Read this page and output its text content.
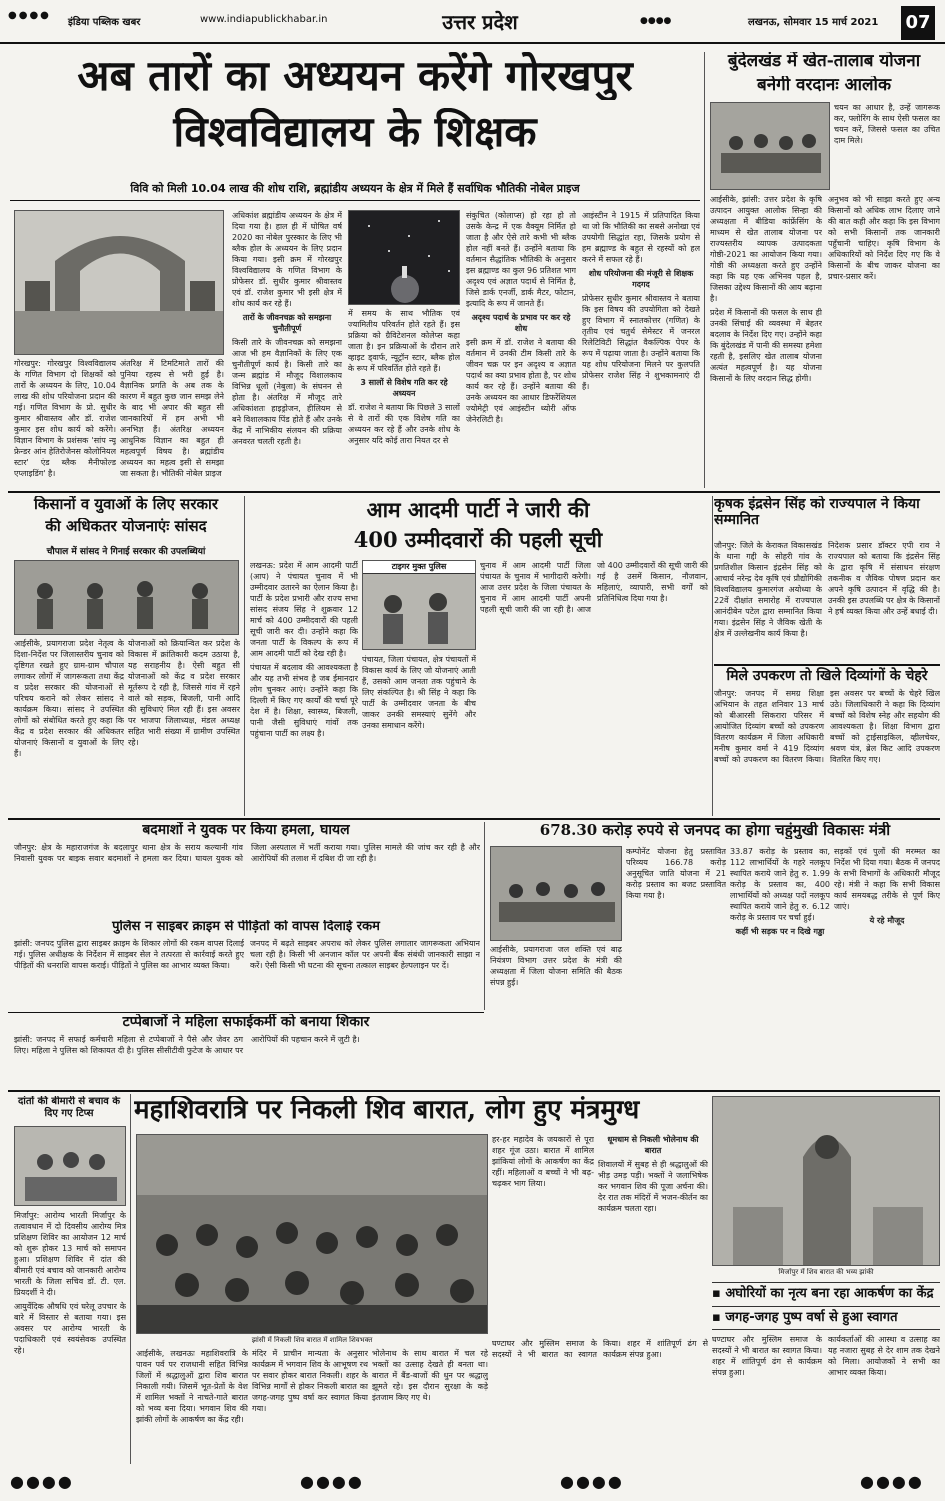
●●●●
इंडिया पब्लिक खबर	www.indiapublickhabar.in	उत्तर प्रदेश	●●●●	लखनऊ, सोमवार 15 मार्च 2021 07
अब तारों का अध्ययन करेंगे गोरखपुर
विश्वविद्यालय के शिक्षक
विवि को मिली 10.04 लाख की शोध राशि, ब्रह्मांडीय अध्ययन के क्षेत्र में मिले हैं सर्वाधिक भौतिकी नोबेल प्राइज
गोरखपुर: गोरखपुर विश्वविद्यालय के गणित विभाग दो शिक्षकों को तारों के अध्ययन के लिए, 10.04 लाख की शोध परियोजना प्रदान की गई। गणित विभाग के प्रो. सुधीर कुमार श्रीवास्तव और डॉ. राजेश कुमार इस शोध कार्य को करेंगे। विज्ञान विभाग के प्रशंसक 'सांप न्यू फ्रेन्डर आंन हेतिरोजेनस कोलोनियल स्टार' एंड ब्लैक मैनीफोल्ड एप्लाइडिंग' है।
अंतरिक्ष में टिमटिमाते तारों की पुनिया रहस्य से भरी हुई है। वैज्ञानिक प्रगति के अब तक के कारण में बहुत कुछ जान समझ लेने के बाद भी अपार की बहुत सी जानकारियों में हम अभी भी अनभिज्ञ हैं। अंतरिक्ष अध्ययन आधुनिक विज्ञान का बहुत ही महत्वपूर्ण विषय है। ब्रह्मांडीय अध्ययन का महत्व इसी से समझा जा सकता है। भौतिकी नोबेल प्राइज
अधिकांश ब्रह्मांडीय अध्ययन के क्षेत्र में दिया गया है। हाल ही में घोषित वर्ष 2020 का नोबेल पुरस्कार के लिए भी ब्लैक होल के अध्ययन के लिए प्रदान किया गया। इसी क्रम में गोरखपुर विश्वविद्यालय के गणित विभाग के प्रोफेसर डॉ. सुधीर कुमार श्रीवास्तव एवं डॉ. राजेश कुमार भी इसी क्षेत्र में शोध कार्य कर रहे हैं।
तारों के जीवनचक्र को समझना चुनौतीपूर्ण
किसी तारे के जीवनचक्र को समझना आज भी हम वैज्ञानिकों के लिए एक चुनौतीपूर्ण कार्य है। किसी तारे का जन्म ब्रह्मांड में मौजूद विशालकाय विभिन्न धूलों (नेबुला) के संघनन से होता है। अंतरिक्ष में मौजूद तारे अधिकांशतः हाइड्रोजन, हीलियम से बने विशालकाय पिंड होते हैं और उनके केंद्र में नाभिकीय संलयन की प्रक्रिया अनवरत चलती रहती है।
में समय के साथ भौतिक एवं ज्यामितीय परिवर्तन होते रहते हैं। इस प्रक्रिया को ग्रैविटेशनल कोलेप्स कहा जाता है। इन प्रक्रियाओं के दौरान तारे व्हाइट ड्वार्फ, न्यूट्रॉन स्टार, ब्लैक होल के रूप में परिवर्तित होते रहते हैं।
3 सालों से विशेष गति कर रहे अध्ययन
डॉ. राजेश ने बताया कि पिछले 3 सालों से वे तारों की एक विशेष गति का अध्ययन कर रहे हैं और उनके शोध के अनुसार यदि कोई तारा नियत दर से
संकुचित (कोलाप्स) हो रहा हो तो उसके केन्द्र में एक वैक्यूम निर्मित हो जाता है और ऐसे तारे कभी भी ब्लैक होल नहीं बनते हैं। उन्होंने बताया कि वर्तमान सैद्धांतिक भौतिकी के अनुसार इस ब्रह्माण्ड का कुल 96 प्रतिशत भाग अदृश्य एवं अज्ञात पदार्थ से निर्मित है, जिसे डार्क एनर्जी, डार्क मैटर, फोटान, इत्यादि के रूप में जानते हैं।
अदृश्य पदार्थ के प्रभाव पर कर रहे शोध
इसी क्रम में डॉ. राजेश ने बताया की वर्तमान में उनकी टीम किसी तारे के जीवन चक्र पर इन अदृश्य व अज्ञात पदार्थ का क्या प्रभाव होता है, पर शोध कार्य कर रहे हैं। उन्होंने बताया की उनके अध्ययन का आधार डिफरेंशियल ज्योमेट्री एवं आइंस्टीन थ्योरी ऑफ जेनेरलिटी है।
आइंस्टीन ने 1915 में प्रतिपादित किया था जो कि भौतिकी का सबसे अनोखा एवं उपयोगी सिद्धांत रहा, जिसके प्रयोग से हम ब्रह्माण्ड के बहुत से रहस्यों को हल करने में सफल रहे हैं।
शोध परियोजना की मंजूरी से शिक्षक गदगद
प्रोफेसर सुधीर कुमार श्रीवास्तव ने बताया कि इस विषय की उपयोगिता को देखते हुए विभाग में स्नातकोत्तर (गणित) के तृतीय एवं चतुर्थ सेमेस्टर में जनरल रिलेटिविटी सिद्धांत वैकल्पिक पेपर के रूप में पढ़ाया जाता है। उन्होंने बताया कि यह शोध परियोजना मिलने पर कुलपति प्रोफेसर राजेश सिंह ने शुभकामनाएं दी हैं।
बुंदेलखंड में खेत-तालाब योजना
बनेगी वरदानः आलोक
चयन का आधार है, उन्हें जागरूक कर, फ्लोरिंग के साथ ऐसी फसल का चयन करें, जिससे फसल का उचित दाम मिले।
आईसीके, झांसी: उत्तर प्रदेश के कृषि उत्पादन आयुक्त आलोक सिन्हा की अध्यक्षता में बीडिया कांफ्रेंसिंग के माध्यम से खेत तालाब योजना पर राज्यस्तरीय व्यापक उत्पादकता गोष्ठी-2021 का आयोजन किया गया। गोष्ठी की अध्यक्षता करते हुए उन्होंने कहा कि यह एक अभिनव पहल है, जिसका उद्देश्य किसानों की आय बढ़ाना है।
प्रदेश में किसानों की फसल के साथ ही उनकी सिंचाई की व्यवस्था में बेहतर बदलाव के निर्देश दिए गए। उन्होंने कहा कि बुंदेलखंड में पानी की समस्या हमेशा रहती है, इसलिए खेत तालाब योजना अत्यंत महत्वपूर्ण है। यह योजना किसानों के लिए वरदान सिद्ध होगी।
अनुभव को भी साझा करते हुए अन्य किसानों को अधिक लाभ दिलाए जाने की बात कही और कहा कि इस विभाग को सभी किसानों तक जानकारी पहुँचानी चाहिए। कृषि विभाग के अधिकारियों को निर्देश दिए गए कि वे किसानों के बीच जाकर योजना का प्रचार-प्रसार करें।
किसानों व युवाओं के लिए सरकार
की अधिकतर योजनाएंः सांसद
चौपाल में सांसद ने गिनाई सरकार की उपलब्धियां
आईसीके, प्रयागराजः प्रदेश नेतृत्व के दिशा-निर्देश पर जिलास्तरीय चुनाव को दृष्टिगत रखते हुए ग्राम-ग्राम चौपाल लगाकर लोगों में जागरूकता तथा केंद्र व प्रदेश सरकार की योजनाओं से परिचय कराने को लेकर सांसद ने कार्यक्रम किया। सांसद ने उपस्थित लोगों को संबोधित करते हुए कहा कि केंद्र व प्रदेश सरकार की अधिकतर योजनाएं किसानों व युवाओं के लिए हैं।
योजनाओं को क्रियान्वित कर प्रदेश के विकास में क्रांतिकारी कदम उठाया है, यह सराहनीय है। ऐसी बहुत सी योजनाओं को केंद्र व प्रदेश सरकार मूर्तरूप दे रही है, जिससे गांव में रहने वाले को सड़क, बिजली, पानी आदि की सुविधाएं मिल रही हैं। इस अवसर पर भाजपा जिलाध्यक्ष, मंडल अध्यक्ष सहित भारी संख्या में ग्रामीण उपस्थित रहे।
आम आदमी पार्टी ने जारी की
400 उम्मीदवारों की पहली सूची
लखनऊ: प्रदेश में आम आदमी पार्टी (आप) ने पंचायत चुनाव में भी उम्मीदवार उतारने का ऐलान किया है। पार्टी के प्रदेश प्रभारी और राज्य सभा सांसद संजय सिंह ने शुक्रवार 12 मार्च को 400 उम्मीदवारों की पहली सूची जारी कर दी। उन्होंने कहा कि जनता पार्टी के विकल्प के रूप में आम आदमी पार्टी को देख रही है।
पंचायत में बदलाव की आवश्यकता है और यह तभी संभव है जब ईमानदार लोग चुनकर आएं। उन्होंने कहा कि दिल्ली में किए गए कार्यों की चर्चा पूरे देश में है। शिक्षा, स्वास्थ्य, बिजली, पानी जैसी सुविधाएं गांवों तक पहुंचाना पार्टी का लक्ष्य है।
टाइगर मुक्त पुलिस
पंचायत, जिला पंचायत, क्षेत्र पंचायतों में विकास कार्य के लिए जो योजनाएं आती हैं, उसको आम जनता तक पहुंचाने के लिए संकल्पित है। श्री सिंह ने कहा कि पार्टी के उम्मीदवार जनता के बीच जाकर उनकी समस्याएं सुनेंगे और उनका समाधान करेंगे।
चुनाव में आम आदमी पार्टी जिला पंचायत के चुनाव में भागीदारी करेगी। आज उत्तर प्रदेश के जिला पंचायत के चुनाव में आम आदमी पार्टी अपनी पहली सूची जारी की जा रही है। आज जो 400 उम्मीदवारों की सूची जारी की गई है उसमें किसान, नौजवान, महिलाएं, व्यापारी, सभी वर्गों को प्रतिनिधित्व दिया गया है।
कृषक इंद्रसेन सिंह को राज्यपाल ने किया सम्मानित
जौनपुर: जिले के केराकत विकासखंड के थाना गद्दी के सोहरी गांव के प्रगतिशील किसान इंद्रसेन सिंह को आचार्य नरेन्द्र देव कृषि एवं प्रौद्योगिकी विश्वविद्यालय कुमारगंज अयोध्या के 22वें दीक्षांत समारोह में राज्यपाल आनंदीबेन पटेल द्वारा सम्मानित किया गया। इंद्रसेन सिंह ने जैविक खेती के क्षेत्र में उल्लेखनीय कार्य किया है।
निदेशक प्रसार डॉक्टर एपी राव ने राज्यपाल को बताया कि इंद्रसेन सिंह के द्वारा कृषि में संसाधन संरक्षण तकनीक व जैविक पोषण प्रदान कर अपने कृषि उत्पादन में वृद्धि की है। उनकी इस उपलब्धि पर क्षेत्र के किसानों ने हर्ष व्यक्त किया और उन्हें बधाई दी।
मिले उपकरण तो खिले दिव्यांगों के चेहरे
जौनपुर: जनपद में समग्र शिक्षा अभियान के तहत शनिवार 13 मार्च को बीआरसी सिकरारा परिसर में आयोजित दिव्यांग बच्चों को उपकरण वितरण कार्यक्रम में जिला अधिकारी मनीष कुमार वर्मा ने 419 दिव्यांग बच्चों को उपकरण का वितरण किया। इस अवसर पर बच्चों के चेहरे खिल उठे। जिलाधिकारी ने कहा कि दिव्यांग बच्चों को विशेष स्नेह और सहयोग की आवश्यकता है। शिक्षा विभाग द्वारा बच्चों को ट्राईसाइकिल, व्हीलचेयर, श्रवण यंत्र, ब्रेल किट आदि उपकरण वितरित किए गए।
बदमाशों ने युवक पर किया हमला, घायल
जौनपुर: क्षेत्र के महाराजगंज के बदलापुर थाना क्षेत्र के सराय कल्यानी गांव निवासी युवक पर बाइक सवार बदमाशों ने हमला कर दिया। घायल युवक को जिला अस्पताल में भर्ती कराया गया। पुलिस मामले की जांच कर रही है और आरोपियों की तलाश में दबिश दी जा रही है।
पुलिस न साइबर क्राइम से पीड़ितों को वापस दिलाई रकम
झांसी: जनपद पुलिस द्वारा साइबर क्राइम के शिकार लोगों की रकम वापस दिलाई गई। पुलिस अधीक्षक के निर्देशन में साइबर सेल ने तत्परता से कार्रवाई करते हुए पीड़ितों की धनराशि वापस कराई। पीड़ितों ने पुलिस का आभार व्यक्त किया।
जनपद में बढ़ते साइबर अपराध को लेकर पुलिस लगातार जागरूकता अभियान चला रही है। किसी भी अनजान कॉल पर अपनी बैंक संबंधी जानकारी साझा न करें। ऐसी किसी भी घटना की सूचना तत्काल साइबर हेल्पलाइन पर दें।
678.30 करोड़ रुपये से जनपद का होगा चहुंमुखी विकासः मंत्री
आईसीके, प्रयागराजः जल शक्ति एवं बाढ़ नियंत्रण विभाग उत्तर प्रदेश के मंत्री की अध्यक्षता में जिला योजना समिति की बैठक संपन्न हुई।
कम्पोनेंट योजना हेतु प्रस्तावित परिव्यय 166.78 करोड़ अनुसूचित जाति योजना में 21 करोड़ प्रस्ताव का बजट प्रस्तावित किया गया है।
33.87 करोड़ के प्रस्ताव का, 112 लाभार्थियों के गहरे नलकूप स्थापित कराये जाने हेतु रु. 1.99 करोड़ के प्रस्ताव का, 400 लाभार्थियों को अध्यक्ष पदों नलकूप स्थापित कराये जाने हेतु रु. 6.12 करोड़ के प्रस्ताव पर चर्चा हुई।
कहीं भी सड़क पर न दिखे गड्ढा
सड़कों एवं पुलों की मरम्मत का निर्देश भी दिया गया। बैठक में जनपद के सभी विभागों के अधिकारी मौजूद रहे। मंत्री ने कहा कि सभी विकास कार्य समयबद्ध तरीके से पूर्ण किए जाएं।
ये रहे मौजूद
टप्पेबाजों ने महिला सफाईकर्मी को बनाया शिकार
झांसी: जनपद में सफाई कर्मचारी महिला से टप्पेबाजों ने पैसे और जेवर ठग लिए। महिला ने पुलिस को शिकायत दी है। पुलिस सीसीटीवी फुटेज के आधार पर आरोपियों की पहचान करने में जुटी है।
दांतों की बीमारी से बचाव के दिए गए टिप्स
मिर्जापुर: आरोग्य भारती मिर्जापुर के तत्वावधान में दो दिवसीय आरोग्य मित्र प्रशिक्षण शिविर का आयोजन 12 मार्च को शुरू होकर 13 मार्च को समापन हुआ। प्रशिक्षण शिविर में दांत की बीमारी एवं बचाव को जानकारी आरोग्य भारती के जिला सचिव डॉ. टी. एल. प्रियदर्शी ने दी।
आयुर्वेदिक औषधि एवं घरेलू उपचार के बारे में विस्तार से बताया गया। इस अवसर पर आरोग्य भारती के पदाधिकारी एवं स्वयंसेवक उपस्थित रहे।
महाशिवरात्रि पर निकली शिव बारात, लोग हुए मंत्रमुग्ध
झांसी में निकली शिव बारात में शामिल शिवभक्त
हर-हर महादेव के जयकारों से पूरा शहर गूंज उठा। बारात में शामिल झांकियां लोगों के आकर्षण का केंद्र रहीं। महिलाओं व बच्चों ने भी बढ़-चढ़कर भाग लिया।
धूमधाम से निकली भोलेनाथ की बारात
शिवालयों में सुबह से ही श्रद्धालुओं की भीड़ उमड़ पड़ी। भक्तों ने जलाभिषेक कर भगवान शिव की पूजा अर्चना की। देर रात तक मंदिरों में भजन-कीर्तन का कार्यक्रम चलता रहा।
मिर्जापुर में शिव बारात की भव्य झांकी
▪ अघोरियों का नृत्य बना रहा आकर्षण का केंद्र
▪ जगह-जगह पुष्प वर्षा से हुआ स्वागत
आईसीके, लखनऊः महाशिवरात्रि के पावन पर्व पर राजधानी सहित विभिन्न जिलों में श्रद्धालुओं द्वारा शिव बारात निकाली गयी। जिसमें भूत-प्रेतों के वेश में शामिल भक्तों ने नाचते-गाते बारात को भव्य बना दिया। भगवान शिव की झांकी लोगों के आकर्षण का केंद्र रही।
मंदिर में प्राचीन मान्यता के अनुसार कार्यक्रम में भगवान शिव के आभूषण रथ पर सवार होकर बारात निकली। शहर के विभिन्न मार्गों से होकर निकली बारात का जगह-जगह पुष्प वर्षा कर स्वागत किया गया।
भोलेनाथ के साथ बारात में चल रहे भक्तों का उत्साह देखते ही बनता था। बारात में बैंड-बाजों की धुन पर श्रद्धालु झूमते रहे। इस दौरान सुरक्षा के कड़े इंतजाम किए गए थे।
घण्टाघर और मुस्लिम समाज के सदस्यों ने भी बारात का स्वागत किया। शहर में शांतिपूर्ण ढंग से कार्यक्रम संपन्न हुआ।
घण्टाघर और मुस्लिम समाज के सदस्यों ने भी बारात का स्वागत किया। शहर में शांतिपूर्ण ढंग से कार्यक्रम संपन्न हुआ।
कार्यकर्ताओं की आस्था व उत्साह का यह नजारा सुबह से देर शाम तक देखने को मिला। आयोजकों ने सभी का आभार व्यक्त किया।
●●●●	●●●●	●●●●	●●●●
